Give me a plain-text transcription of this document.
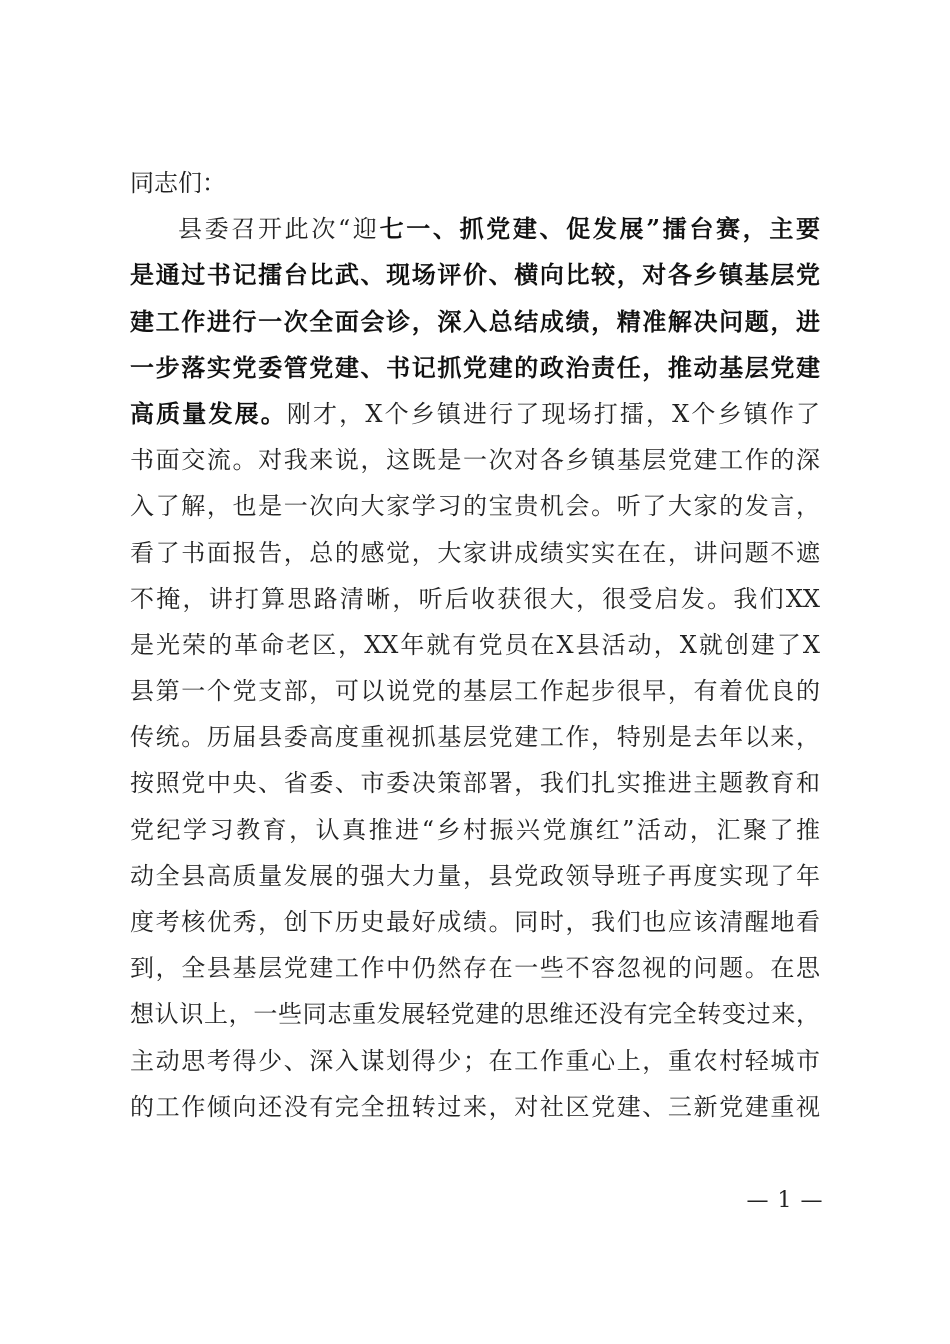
同志们：
县委召开此次“迎七一、抓党建、促发展”擂台赛，主要
是通过书记擂台比武、现场评价、横向比较，对各乡镇基层党
建工作进行一次全面会诊，深入总结成绩，精准解决问题，进
一步落实党委管党建、书记抓党建的政治责任，推动基层党建
高质量发展。刚才，X个乡镇进行了现场打擂，X个乡镇作了
书面交流。对我来说，这既是一次对各乡镇基层党建工作的深
入了解，也是一次向大家学习的宝贵机会。听了大家的发言，
看了书面报告，总的感觉，大家讲成绩实实在在，讲问题不遮
不掩，讲打算思路清晰，听后收获很大，很受启发。我们XX
是光荣的革命老区，XX年就有党员在X县活动，X就创建了X
县第一个党支部，可以说党的基层工作起步很早，有着优良的
传统。历届县委高度重视抓基层党建工作，特别是去年以来，
按照党中央、省委、市委决策部署，我们扎实推进主题教育和
党纪学习教育，认真推进“乡村振兴党旗红”活动，汇聚了推
动全县高质量发展的强大力量，县党政领导班子再度实现了年
度考核优秀，创下历史最好成绩。同时，我们也应该清醒地看
到，全县基层党建工作中仍然存在一些不容忽视的问题。在思
想认识上，一些同志重发展轻党建的思维还没有完全转变过来，
主动思考得少、深入谋划得少；在工作重心上，重农村轻城市
的工作倾向还没有完全扭转过来，对社区党建、三新党建重视
— 1 —
